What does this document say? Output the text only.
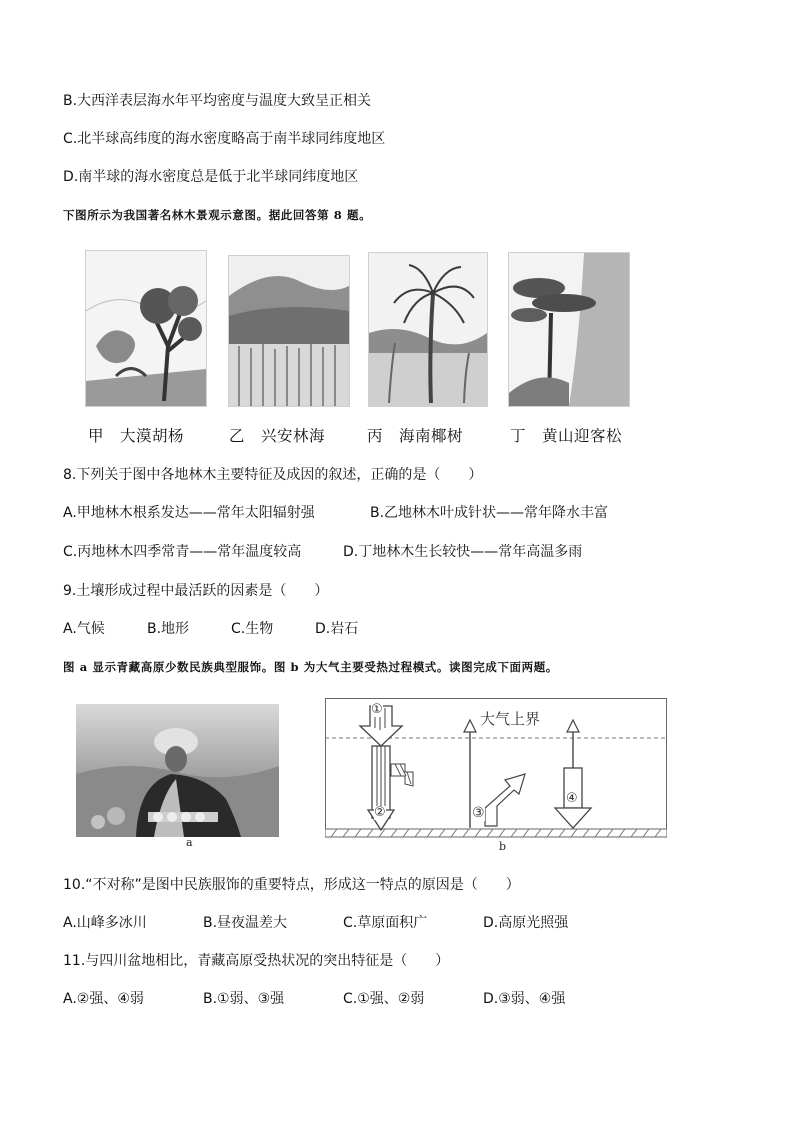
B.大西洋表层海水年平均密度与温度大致呈正相关
C.北半球高纬度的海水密度略高于南半球同纬度地区
D.南半球的海水密度总是低于北半球同纬度地区
下图所示为我国著名林木景观示意图。据此回答第 8 题。
甲　大漠胡杨	乙　兴安林海	丙　海南椰树	丁　黄山迎客松
8.下列关于图中各地林木主要特征及成因的叙述，正确的是（　　）
A.甲地林木根系发达——常年太阳辐射强	B.乙地林木叶成针状——常年降水丰富
C.丙地林木四季常青——常年温度较高	D.丁地林木生长较快——常年高温多雨
9.土壤形成过程中最活跃的因素是（　　）
A.气候	B.地形	C.生物	D.岩石
图 a 显示青藏高原少数民族典型服饰。图 b 为大气主要受热过程模式。读图完成下面两题。
a
大气上界
①
②	③
④
b
10.“不对称”是图中民族服饰的重要特点，形成这一特点的原因是（　　）
A.山峰多冰川	B.昼夜温差大	C.草原面积广	D.高原光照强
11.与四川盆地相比，青藏高原受热状况的突出特征是（　　）
A.②强、④弱	B.①弱、③强	C.①强、②弱	D.③弱、④强
